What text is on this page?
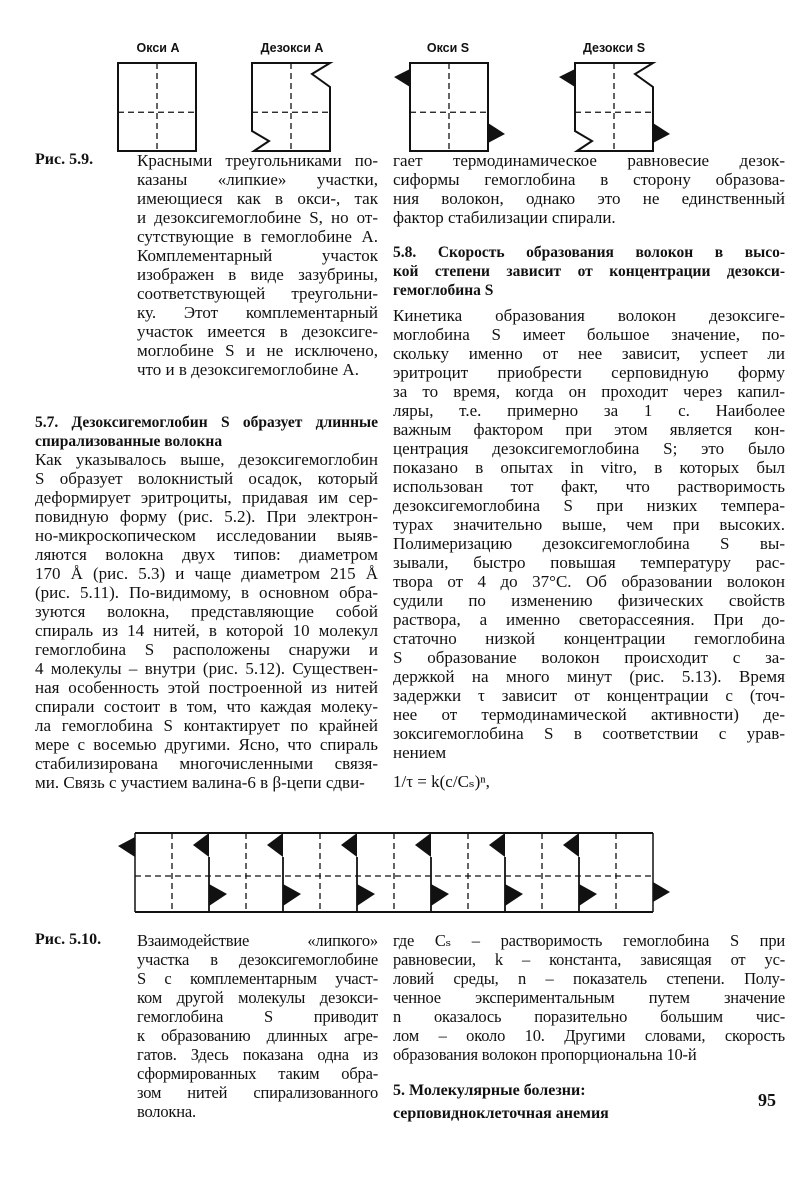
Окси A	Дезокси A	Окси S	Дезокси S
Рис. 5.9.	Красными треугольниками по-
казаны «липкие» участки,
имеющиеся как в окси-, так
и дезоксигемоглобине S, но от-
сутствующие в гемоглобине A.
Комплементарный участок
изображен в виде зазубрины,
соответствующей треугольни-
ку. Этот комплементарный
участок имеется в дезоксиге-
моглобине S и не исключено,
что и в дезоксигемоглобине A.
гает термодинамическое равновесие дезок-
сиформы гемоглобина в сторону образова-
ния волокон, однако это не единственный
фактор стабилизации спирали.
5.8. Скорость образования волокон в высо-
кой степени зависит от концентрации дезокси-
гемоглобина S
Кинетика образования волокон дезоксиге-
моглобина S имеет большое значение, по-
скольку именно от нее зависит, успеет ли
эритроцит приобрести серповидную форму
за то время, когда он проходит через капил-
ляры, т.е. примерно за 1 с. Наиболее
важным фактором при этом является кон-
центрация дезоксигемоглобина S; это было
показано в опытах in vitro, в которых был
использован тот факт, что растворимость
дезоксигемоглобина S при низких темпера-
турах значительно выше, чем при высоких.
Полимеризацию дезоксигемоглобина S вы-
зывали, быстро повышая температуру рас-
твора от 4 до 37°C. Об образовании волокон
судили по изменению физических свойств
раствора, а именно светорассеяния. При до-
статочно низкой концентрации гемоглобина
S образование волокон происходит с за-
держкой на много минут (рис. 5.13). Время
задержки τ зависит от концентрации c (точ-
нее от термодинамической активности) де-
зоксигемоглобина S в соответствии с урав-
нением
1/τ = k(c/Cₛ)ⁿ,
5.7. Дезоксигемоглобин S образует длинные
спирализованные волокна
Как указывалось выше, дезоксигемоглобин
S образует волокнистый осадок, который
деформирует эритроциты, придавая им сер-
повидную форму (рис. 5.2). При электрон-
но-микроскопическом исследовании выяв-
ляются волокна двух типов: диаметром
170 Å (рис. 5.3) и чаще диаметром 215 Å
(рис. 5.11). По-видимому, в основном обра-
зуются волокна, представляющие собой
спираль из 14 нитей, в которой 10 молекул
гемоглобина S расположены снаружи и
4 молекулы – внутри (рис. 5.12). Существен-
ная особенность этой построенной из нитей
спирали состоит в том, что каждая молеку-
ла гемоглобина S контактирует по крайней
мере с восемью другими. Ясно, что спираль
стабилизирована многочисленными связя-
ми. Связь с участием валина-6 в β-цепи сдви-
Рис. 5.10. Взаимодействие «липкого»
участка в дезоксигемоглобине
S с комплементарным участ-
ком другой молекулы дезокси-
гемоглобина S приводит
к образованию длинных агре-
гатов. Здесь показана одна из
сформированных таким обра-
зом нитей спирализованного
волокна.
где Cₛ – растворимость гемоглобина S при
равновесии, k – константа, зависящая от ус-
ловий среды, n – показатель степени. Полу-
ченное экспериментальным путем значение
n оказалось поразительно большим чис-
лом – около 10. Другими словами, скорость
образования волокон пропорциональна 10-й
5. Молекулярные болезни:
серповидноклеточная анемия
95
